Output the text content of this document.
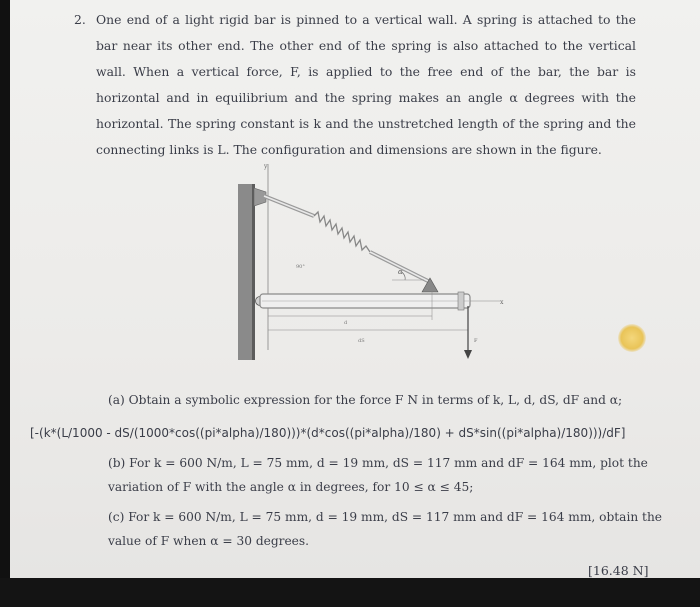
2. One end of a light rigid bar is pinned to a vertical wall. A spring is attached to the bar near its other end. The other end of the spring is also attached to the vertical wall. When a vertical force, F, is applied to the free end of the bar, the bar is horizontal and in equilibrium and the spring makes an angle α degrees with the horizontal. The spring constant is k and the unstretched length of the spring and the connecting links is L. The configuration and dimensions are shown in the figure.
y
α
90°
x
d
dS	F
(a) Obtain a symbolic expression for the force F N in terms of k, L, d, dS, dF and α;
[-(k*(L/1000 - dS/(1000*cos((pi*alpha)/180)))*(d*cos((pi*alpha)/180) + dS*sin((pi*alpha)/180)))/dF]
(b) For k = 600 N/m, L = 75 mm, d = 19 mm, dS = 117 mm and dF = 164 mm, plot the
variation of F with the angle α in degrees, for 10 ≤ α ≤ 45;
(c) For k = 600 N/m, L = 75 mm, d = 19 mm, dS = 117 mm and dF = 164 mm, obtain the
value of F when α = 30 degrees.
[16.48 N]
